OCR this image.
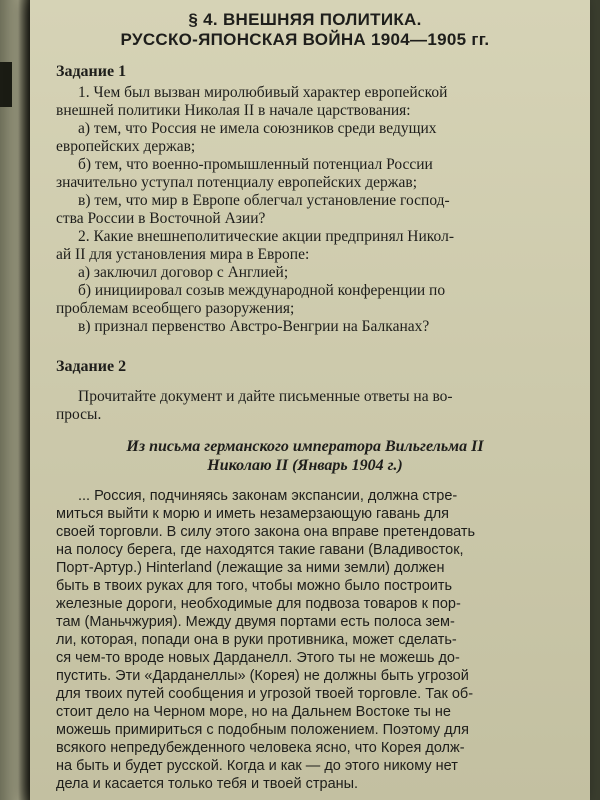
§ 4. ВНЕШНЯЯ ПОЛИТИКА.
РУССКО-ЯПОНСКАЯ ВОЙНА 1904—1905 гг.
Задание 1
1. Чем был вызван миролюбивый характер европейской
внешней политики Николая II в начале царствования:
а) тем, что Россия не имела союзников среди ведущих
европейских держав;
б) тем, что военно-промышленный потенциал России
значительно уступал потенциалу европейских держав;
в) тем, что мир в Европе облегчал установление господ-
ства России в Восточной Азии?
2. Какие внешнеполитические акции предпринял Никол-
ай II для установления мира в Европе:
а) заключил договор с Англией;
б) инициировал созыв международной конференции по
проблемам всеобщего разоружения;
в) признал первенство Австро-Венгрии на Балканах?
Задание 2
Прочитайте документ и дайте письменные ответы на во-
просы.
Из письма германского императора Вильгельма II
Николаю II (Январь 1904 г.)
... Россия, подчиняясь законам экспансии, должна стре-
миться выйти к морю и иметь незамерзающую гавань для
своей торговли. В силу этого закона она вправе претендовать
на полосу берега, где находятся такие гавани (Владивосток,
Порт-Артур.) Hinterland (лежащие за ними земли) должен
быть в твоих руках для того, чтобы можно было построить
железные дороги, необходимые для подвоза товаров к пор-
там (Маньчжурия). Между двумя портами есть полоса зем-
ли, которая, попади она в руки противника, может сделать-
ся чем-то вроде новых Дарданелл. Этого ты не можешь до-
пустить. Эти «Дарданеллы» (Корея) не должны быть угрозой
для твоих путей сообщения и угрозой твоей торговле. Так об-
стоит дело на Черном море, но на Дальнем Востоке ты не
можешь примириться с подобным положением. Поэтому для
всякого непредубежденного человека ясно, что Корея долж-
на быть и будет русской. Когда и как — до этого никому нет
дела и касается только тебя и твоей страны.
